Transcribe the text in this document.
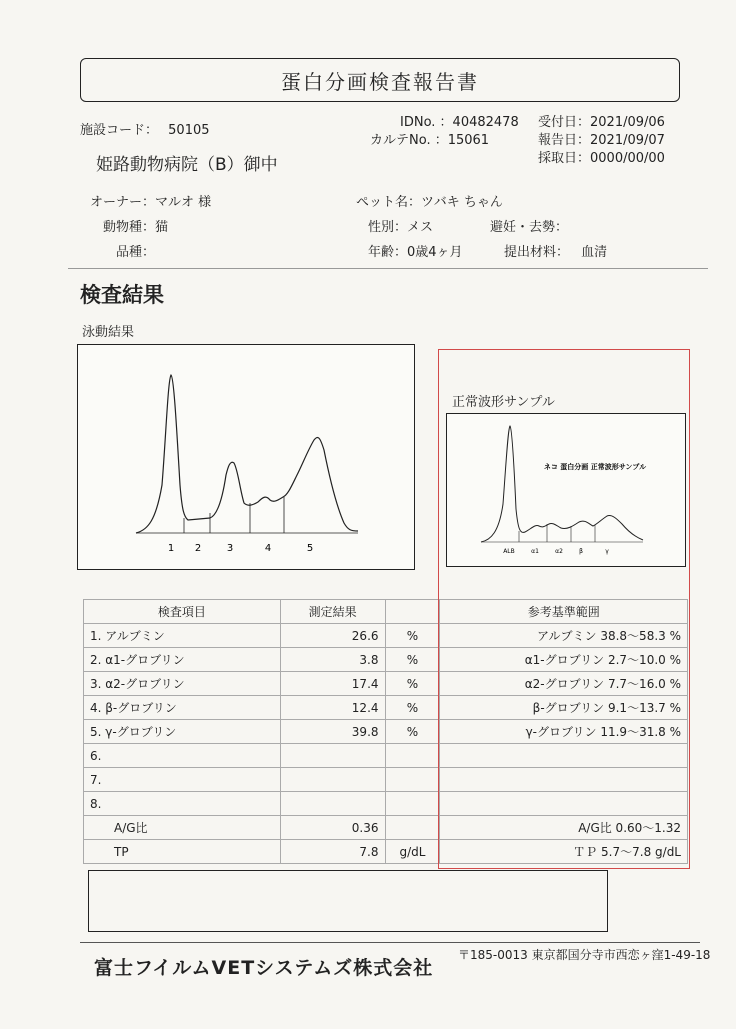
蛋白分画検査報告書
施設コード： 50105
IDNo. ：40482478
カルテNo. ：15061
受付日：2021/09/06
報告日：2021/09/07
採取日：0000/00/00
姫路動物病院（B）御中
オーナー：マルオ 様
動物種：猫
品種：
ペット名：ツバキ ちゃん
性別：メス	避妊・去勢：
年齢：0歳4ヶ月	提出材料： 血清
検査結果
泳動結果
1 2	3	4	5
正常波形サンプル
ネコ 蛋白分画 正常波形サンプル
ALB	α1	α2	β	γ
検査項目	測定結果		参考基準範囲
1. アルブミン	26.6	%	アルブミン 38.8～58.3 %
2. α1-グロブリン	3.8	%	α1-グロブリン 2.7～10.0 %
3. α2-グロブリン	17.4	%	α2-グロブリン 7.7～16.0 %
4. β-グロブリン	12.4	%	β-グロブリン 9.1～13.7 %
5. γ-グロブリン	39.8	%	γ-グロブリン 11.9～31.8 %
6.			
7.			
8.			
A/G比	0.36		A/G比 0.60～1.32
TP	7.8	g/dL	ＴＰ 5.7～7.8 g/dL
富士フイルムVETシステムズ株式会社
〒185-0013 東京都国分寺市西恋ヶ窪1-49-18
